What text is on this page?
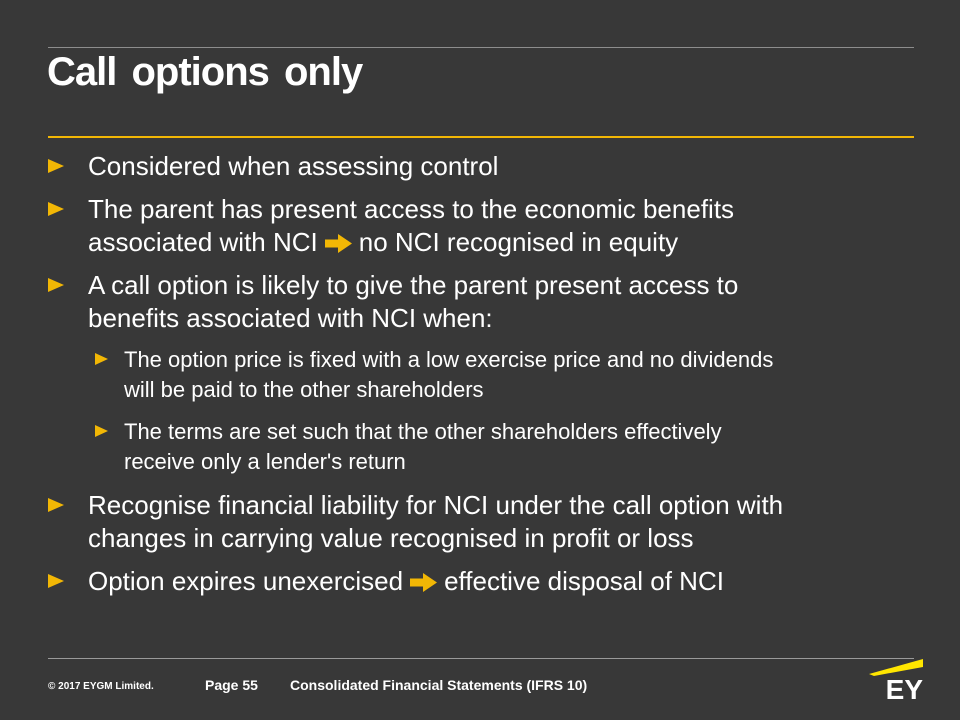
Call options only
Considered when assessing control
The parent has present access to the economic benefits
associated with NCI no NCI recognised in equity
A call option is likely to give the parent present access to
benefits associated with NCI when:
The option price is fixed with a low exercise price and no dividends
will be paid to the other shareholders
The terms are set such that the other shareholders effectively
receive only a lender's return
Recognise financial liability for NCI under the call option with
changes in carrying value recognised in profit or loss
Option expires unexercised effective disposal of NCI
© 2017 EYGM Limited.	Page 55 Consolidated Financial Statements (IFRS 10)	EY
